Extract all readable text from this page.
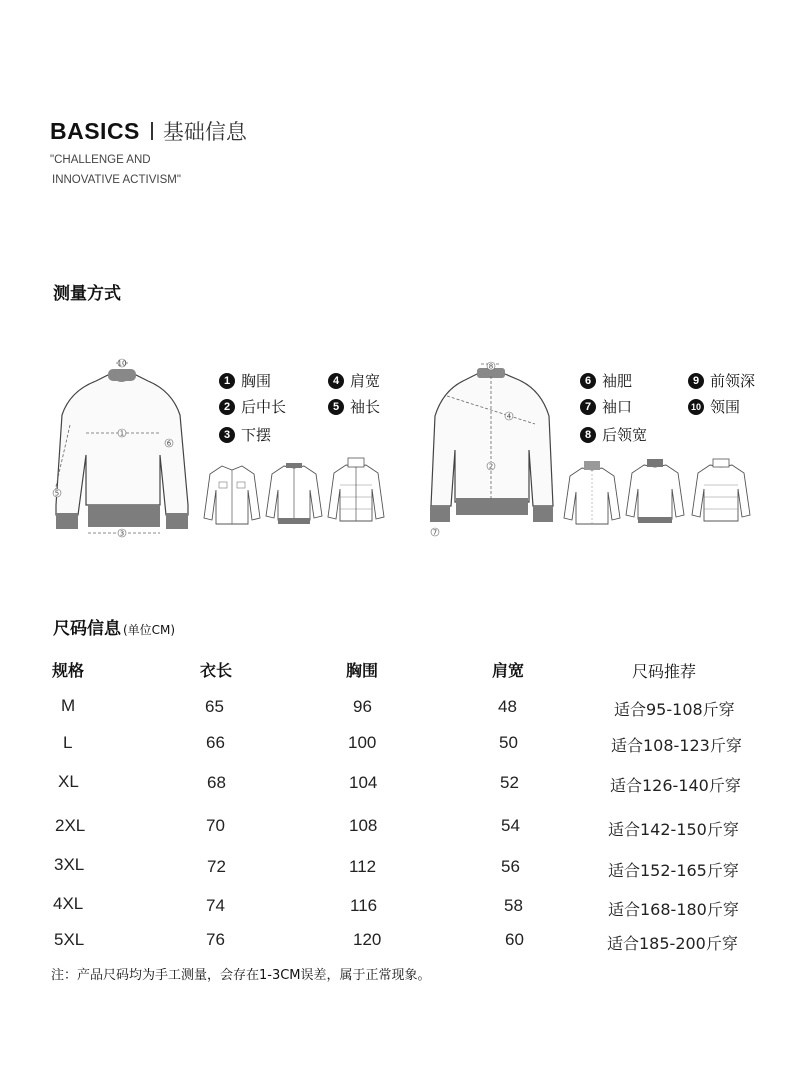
BASICS 基础信息
"CHALLENGE AND
INNOVATIVE ACTIVISM"
测量方式
1
3
5
10
6
1 胸围
2 后中长
3 下摆
4 肩宽
5 袖长
8
2
4
7
6 袖肥
7 袖口
8 后领宽
9 前领深
10 领围
尺码信息 (单位CM)
规格	衣长	胸围	肩宽	尺码推荐
M	65	96	48	适合95-108斤穿
L	66	100	50	适合108-123斤穿
XL	68	104	52	适合126-140斤穿
2XL	70	108	54	适合142-150斤穿
3XL	72	112	56	适合152-165斤穿
4XL	74	116	58	适合168-180斤穿
5XL	76	120	60	适合185-200斤穿
注：产品尺码均为手工测量，会存在1-3CM误差，属于正常现象。
